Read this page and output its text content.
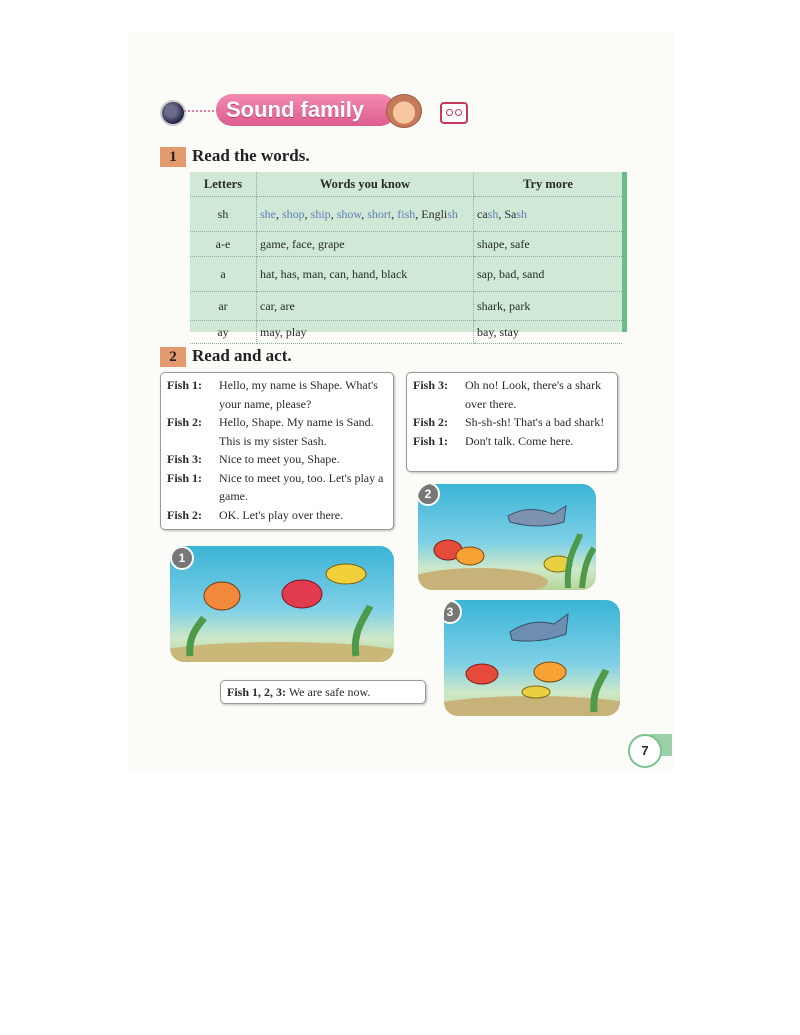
Sound family
1 Read the words.
Letters	Words you know	Try more
sh	she, shop, ship, show, short, fish, English	cash, Sash
a-e	game, face, grape	shape, safe
a	hat, has, man, can, hand, black	sap, bad, sand
ar	car, are	shark, park
ay	may, play	bay, stay
2 Read and act.
Fish 1: Hello, my name is Shape. What's your name, please?
Fish 2: Hello, Shape. My name is Sand. This is my sister Sash.
Fish 3: Nice to meet you, Shape.
Fish 1: Nice to meet you, too. Let's play a game.
Fish 2: OK. Let's play over there.
Fish 3: Oh no! Look, there's a shark over there.
Fish 2: Sh-sh-sh! That's a bad shark!
Fish 1: Don't talk. Come here.
2
1
3
Fish 1, 2, 3: We are safe now.
7
